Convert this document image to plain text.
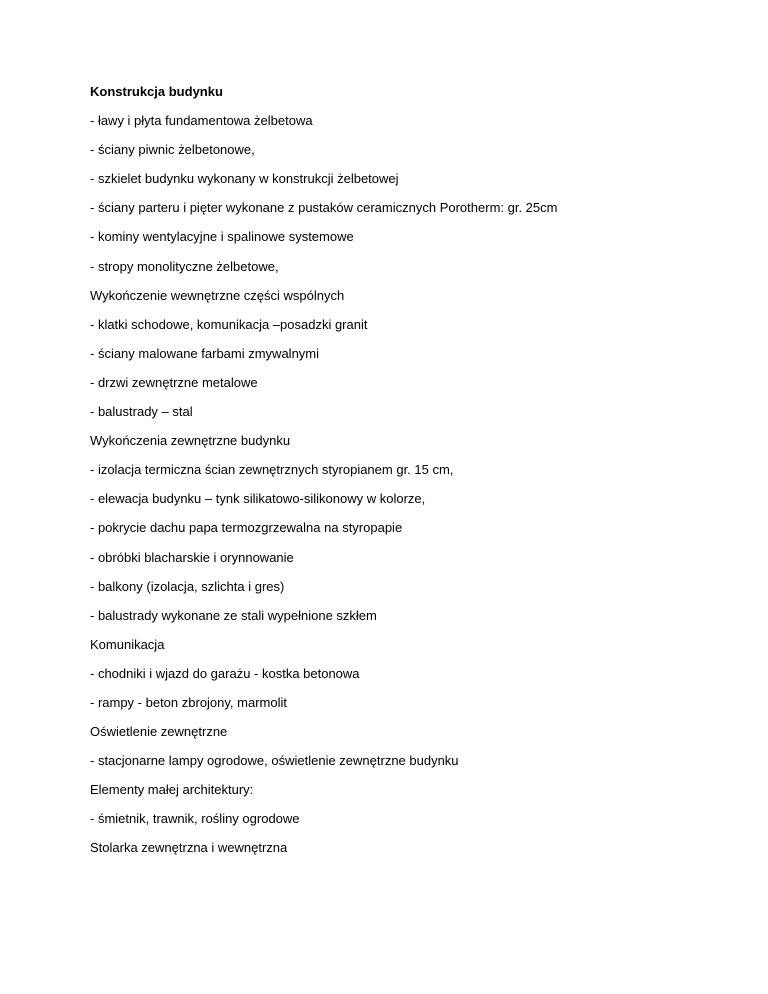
Konstrukcja budynku
- ławy i płyta fundamentowa żelbetowa
- ściany piwnic żelbetonowe,
- szkielet budynku wykonany w konstrukcji żelbetowej
- ściany parteru i pięter wykonane z pustaków ceramicznych Porotherm: gr. 25cm
- kominy wentylacyjne i spalinowe systemowe
- stropy monolityczne żelbetowe,
Wykończenie wewnętrzne części wspólnych
- klatki schodowe, komunikacja –posadzki granit
- ściany malowane farbami zmywalnymi
- drzwi zewnętrzne metalowe
- balustrady – stal
Wykończenia zewnętrzne budynku
- izolacja termiczna ścian zewnętrznych styropianem gr. 15 cm,
- elewacja budynku – tynk silikatowo-silikonowy w kolorze,
- pokrycie dachu papa termozgrzewalna na styropapie
- obróbki blacharskie i orynnowanie
- balkony (izolacja, szlichta i gres)
- balustrady wykonane ze stali wypełnione szkłem
Komunikacja
- chodniki i wjazd do garażu - kostka betonowa
- rampy - beton zbrojony, marmolit
Oświetlenie zewnętrzne
- stacjonarne lampy ogrodowe, oświetlenie zewnętrzne budynku
Elementy małej architektury:
- śmietnik, trawnik, rośliny ogrodowe
Stolarka zewnętrzna i wewnętrzna
